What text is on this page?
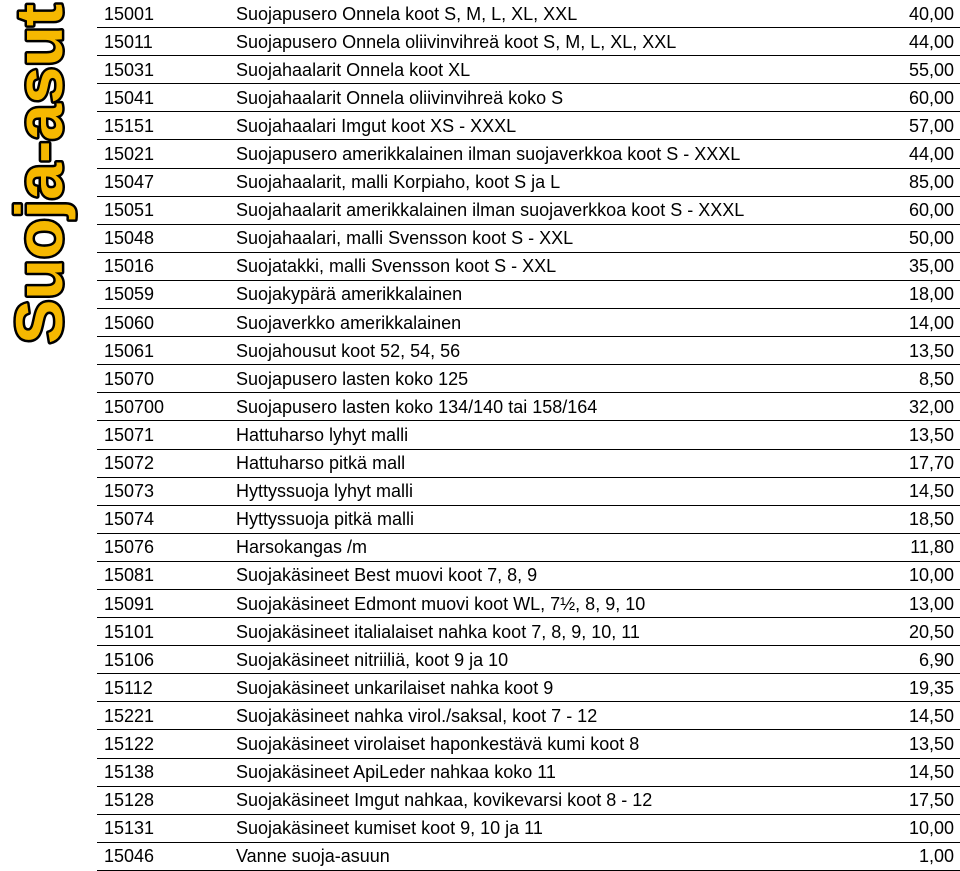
Suoja-asut 15001	Suojapusero Onnela koot S, M, L, XL, XXL	40,00
15011	Suojapusero Onnela oliivinvihreä koot S, M, L, XL, XXL	44,00
15031	Suojahaalarit Onnela koot XL	55,00
15041	Suojahaalarit Onnela oliivinvihreä koko S	60,00
15151	Suojahaalari Imgut koot XS - XXXL	57,00
15021	Suojapusero amerikkalainen ilman suojaverkkoa koot S - XXXL	44,00
15047	Suojahaalarit, malli Korpiaho, koot S ja L	85,00
15051	Suojahaalarit amerikkalainen ilman suojaverkkoa koot S - XXXL	60,00
15048	Suojahaalari, malli Svensson koot S - XXL	50,00
15016	Suojatakki, malli Svensson koot S - XXL	35,00
15059	Suojakypärä amerikkalainen	18,00
15060	Suojaverkko amerikkalainen	14,00
15061	Suojahousut koot 52, 54, 56	13,50
15070	Suojapusero lasten koko 125	8,50
150700	Suojapusero lasten koko 134/140 tai 158/164	32,00
15071	Hattuharso lyhyt malli	13,50
15072	Hattuharso pitkä mall	17,70
15073	Hyttyssuoja lyhyt malli	14,50
15074	Hyttyssuoja pitkä malli	18,50
15076	Harsokangas /m	11,80
15081	Suojakäsineet Best muovi koot 7, 8, 9	10,00
15091	Suojakäsineet Edmont muovi koot WL, 7½, 8, 9, 10	13,00
15101	Suojakäsineet italialaiset nahka koot 7, 8, 9, 10, 11	20,50
15106	Suojakäsineet nitriiliä, koot 9 ja 10	6,90
15112	Suojakäsineet unkarilaiset nahka koot 9	19,35
15221	Suojakäsineet nahka virol./saksal, koot 7 - 12	14,50
15122	Suojakäsineet virolaiset haponkestävä kumi koot 8	13,50
15138	Suojakäsineet ApiLeder nahkaa koko 11	14,50
15128	Suojakäsineet Imgut nahkaa, kovikevarsi koot 8 - 12	17,50
15131	Suojakäsineet kumiset koot 9, 10 ja 11	10,00
15046	Vanne suoja-asuun	1,00
